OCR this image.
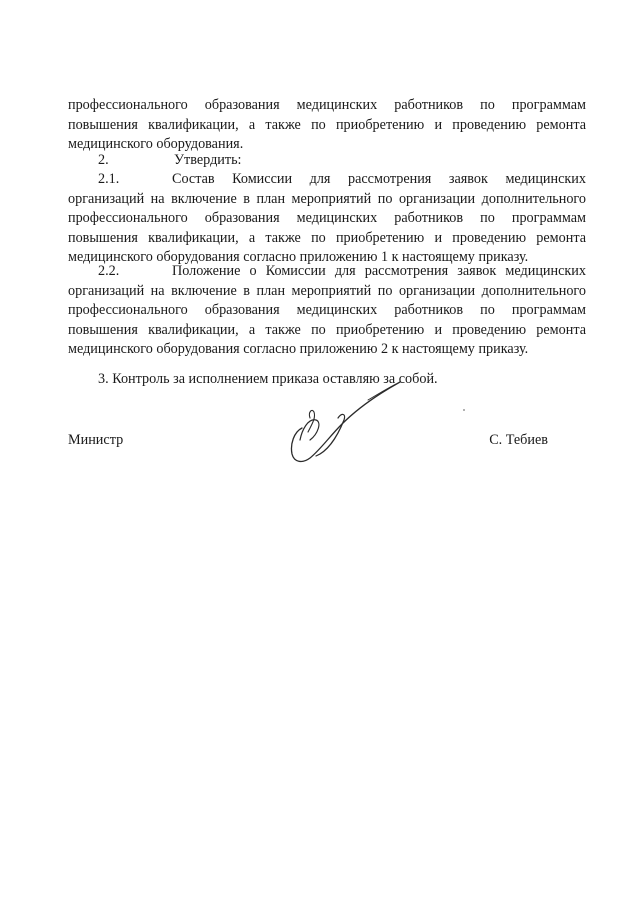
профессионального образования медицинских работников по программам
повышения квалификации, а также по приобретению и проведению ремонта
медицинского оборудования.
2.	Утвердить:
2.1.	Состав Комиссии для рассмотрения заявок медицинских
организаций на включение в план мероприятий по организации дополнительного
профессионального образования медицинских работников по программам
повышения квалификации, а также по приобретению и проведению ремонта
медицинского оборудования согласно приложению 1 к настоящему приказу.
2.2.	Положение о Комиссии для рассмотрения заявок медицинских
организаций на включение в план мероприятий по организации дополнительного
профессионального образования медицинских работников по программам
повышения квалификации, а также по приобретению и проведению ремонта
медицинского оборудования согласно приложению 2 к настоящему приказу.
3. Контроль за исполнением приказа оставляю за собой.
Министр	С. Тебиев
